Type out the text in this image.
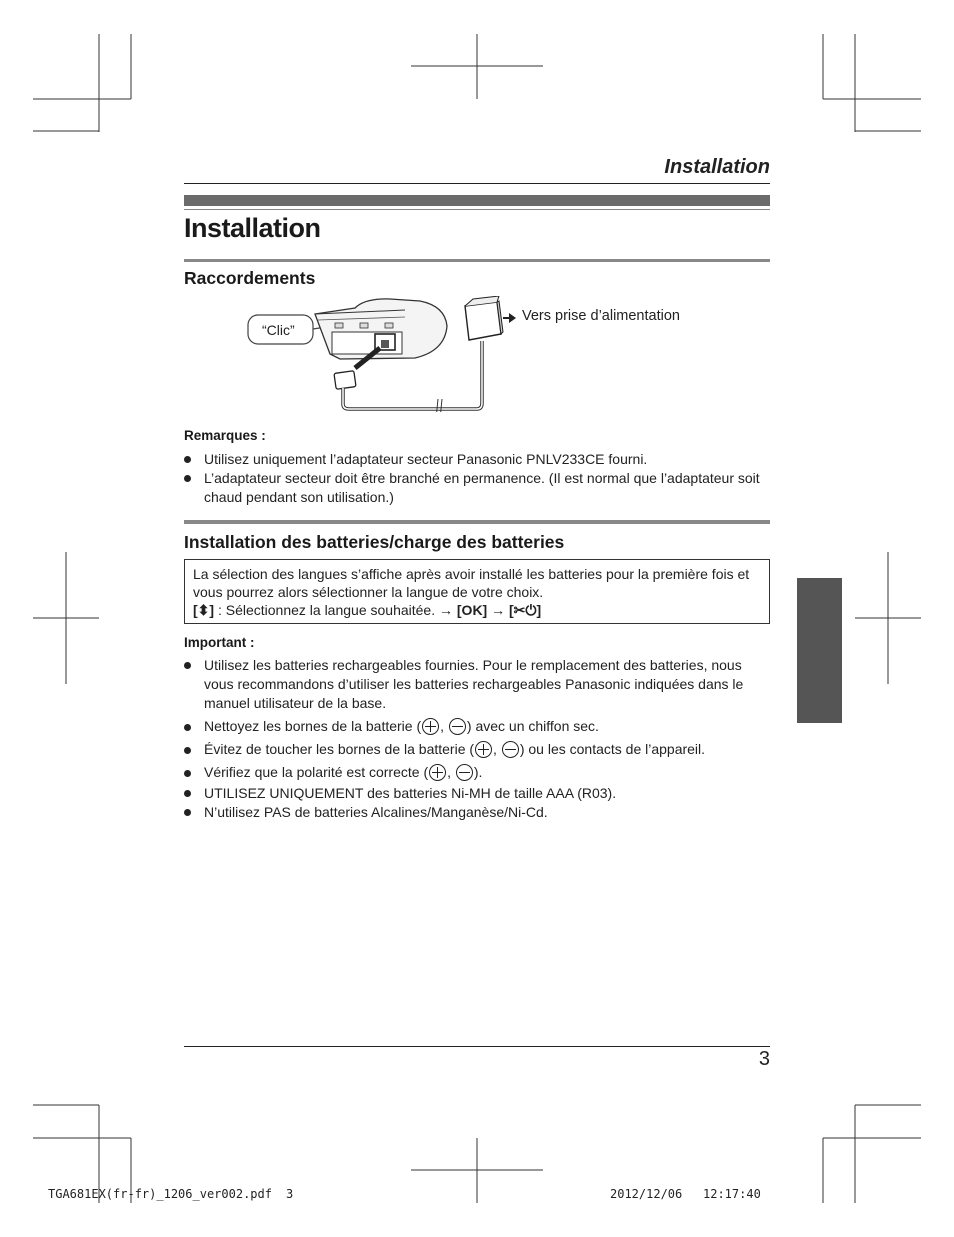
Installation
Installation
Raccordements
“Clic”
Vers prise d’alimentation
Remarques :
Utilisez uniquement l’adaptateur secteur Panasonic PNLV233CE fourni.
L’adaptateur secteur doit être branché en permanence. (Il est normal que l’adaptateur soit chaud pendant son utilisation.)
Installation des batteries/charge des batteries
La sélection des langues s’affiche après avoir installé les batteries pour la première fois et vous pourrez alors sélectionner la langue de votre choix.
[⬍] : Sélectionnez la langue souhaitée. → [OK] → [✂⏻]
Important :
Utilisez les batteries rechargeables fournies. Pour le remplacement des batteries, nous vous recommandons d’utiliser les batteries rechargeables Panasonic indiquées dans le manuel utilisateur de la base.
Nettoyez les bornes de la batterie ( , ) avec un chiffon sec.
Évitez de toucher les bornes de la batterie ( , ) ou les contacts de l’appareil.
Vérifiez que la polarité est correcte ( , ).
UTILISEZ UNIQUEMENT des batteries Ni-MH de taille AAA (R03).
N’utilisez PAS de batteries Alcalines/Manganèse/Ni-Cd.
3
TGA681EX(fr-fr)_1206_ver002.pdf 3	2012/12/06 12:17:40
